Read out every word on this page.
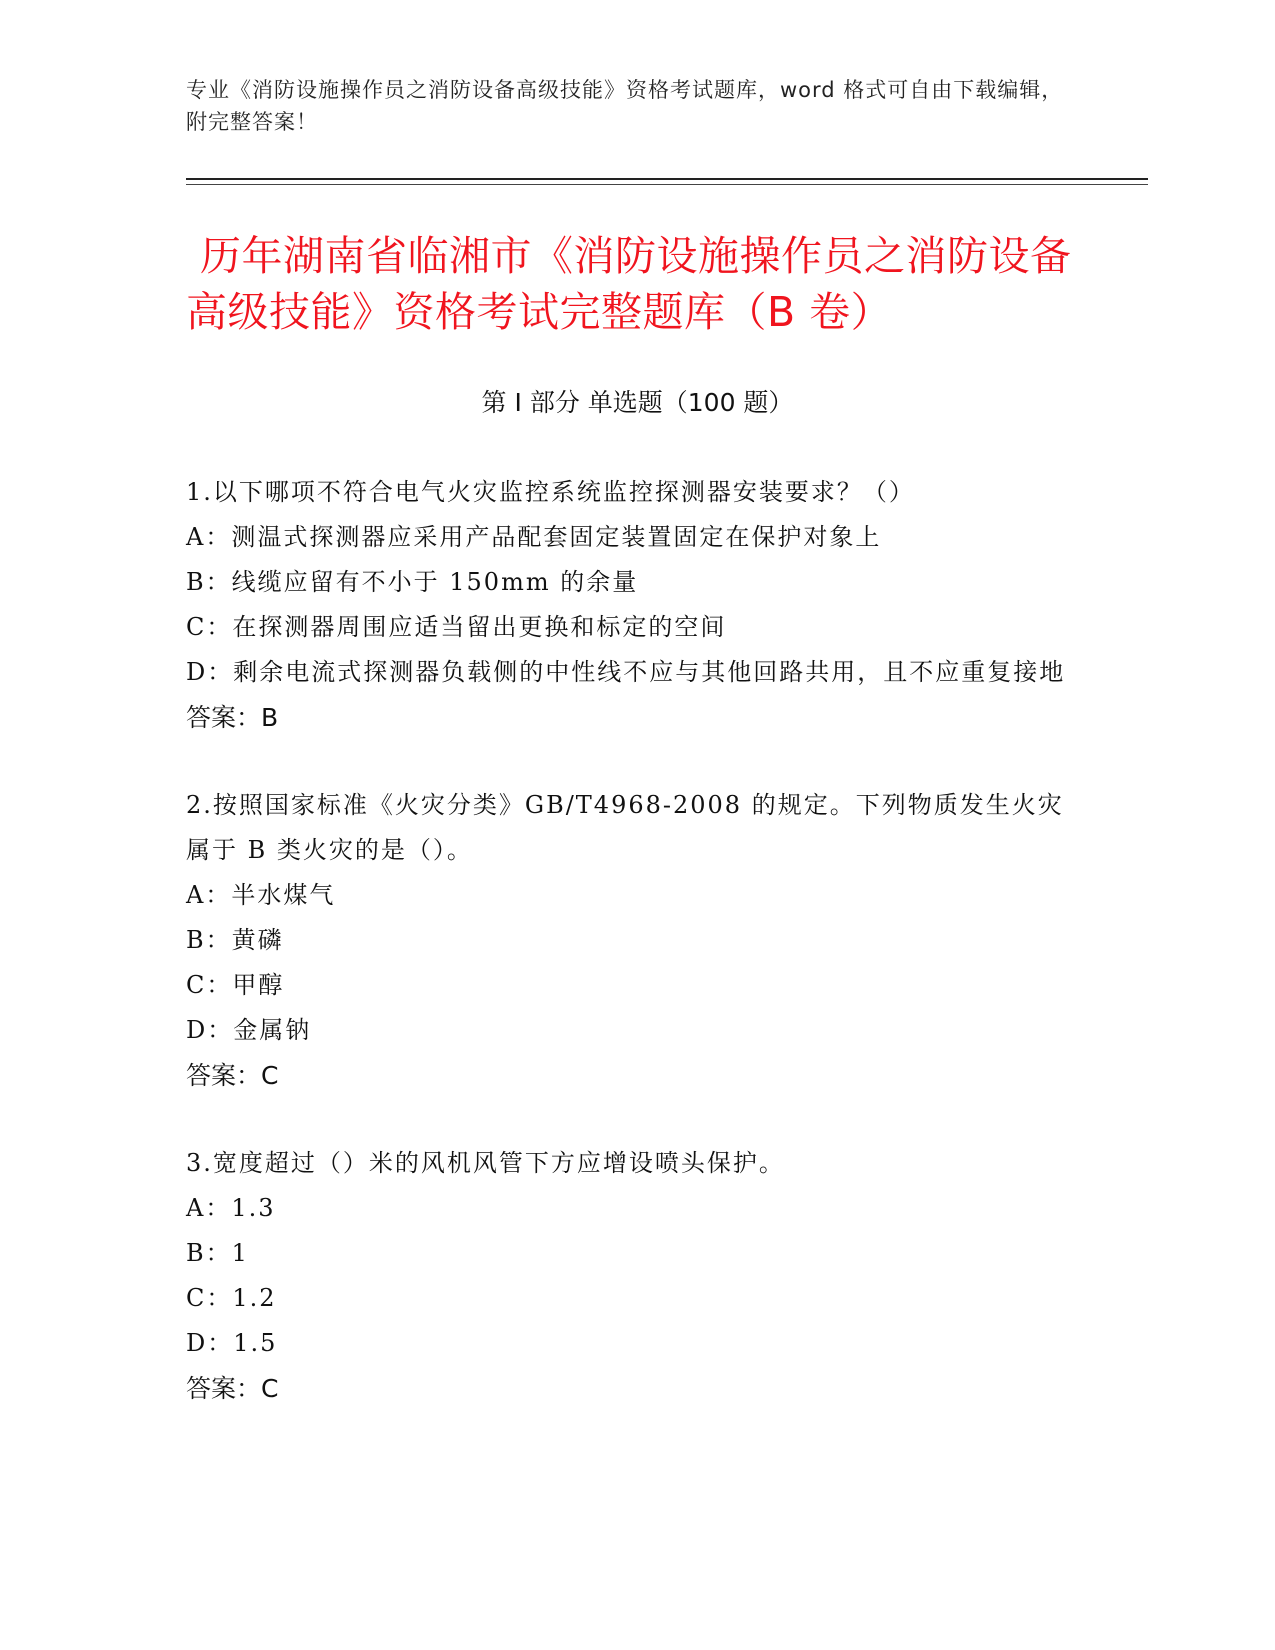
专业《消防设施操作员之消防设备高级技能》资格考试题库，word 格式可自由下载编辑，附完整答案！
历年湖南省临湘市《消防设施操作员之消防设备高级技能》资格考试完整题库（B 卷）
第 I 部分 单选题（100 题）
1.以下哪项不符合电气火灾监控系统监控探测器安装要求？（）
A：测温式探测器应采用产品配套固定装置固定在保护对象上
B：线缆应留有不小于 150mm 的余量
C：在探测器周围应适当留出更换和标定的空间
D：剩余电流式探测器负载侧的中性线不应与其他回路共用，且不应重复接地
答案：B
2.按照国家标准《火灾分类》GB/T4968-2008 的规定。下列物质发生火灾属于 B 类火灾的是（）。
A：半水煤气
B：黄磷
C：甲醇
D：金属钠
答案：C
3.宽度超过（）米的风机风管下方应增设喷头保护。
A：1.3
B：1
C：1.2
D：1.5
答案：C
